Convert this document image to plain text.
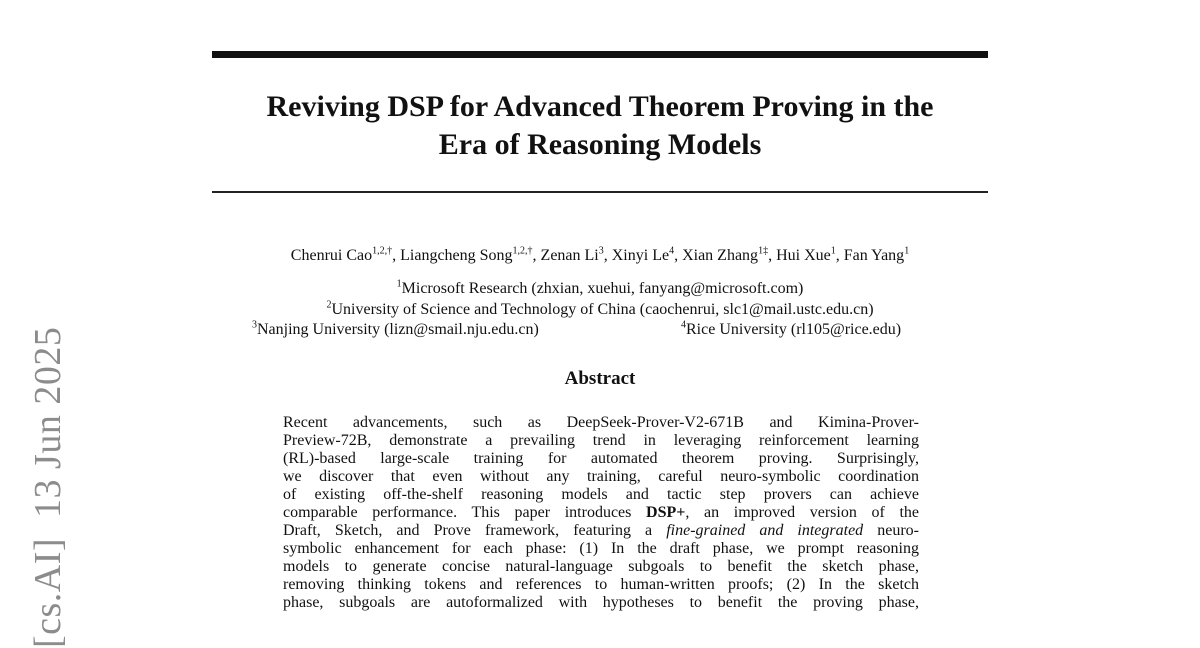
Reviving DSP for Advanced Theorem Proving in the
Era of Reasoning Models
Chenrui Cao$^{1,2,\dagger}$, Liangcheng Song$^{1,2,\dagger}$, Zenan Li$^3$, Xinyi Le$^4$, Xian Zhang$^{1\ddagger}$, Hui Xue$^1$, Fan Yang$^1$
$^1$Microsoft Research (zhxian, xuehui, fanyang@microsoft.com)
$^2$University of Science and Technology of China (caochenrui, slc1@mail.ustc.edu.cn)
$^3$Nanjing University (lizn@smail.nju.edu.cn)	$^4$Rice University (rl105@rice.edu)
Abstract
Recent advancements, such as DeepSeek-Prover-V2-671B and Kimina-Prover-
Preview-72B, demonstrate a prevailing trend in leveraging reinforcement learning
(RL)-based large-scale training for automated theorem proving. Surprisingly,
we discover that even without any training, careful neuro-symbolic coordination
of existing off-the-shelf reasoning models and tactic step provers can achieve
comparable performance. This paper introduces DSP+, an improved version of the
Draft, Sketch, and Prove framework, featuring a fine-grained and integrated neuro-
symbolic enhancement for each phase: (1) In the draft phase, we prompt reasoning
models to generate concise natural-language subgoals to benefit the sketch phase,
removing thinking tokens and references to human-written proofs; (2) In the sketch
phase, subgoals are autoformalized with hypotheses to benefit the proving phase,
[cs.AI]  13 Jun 2025
